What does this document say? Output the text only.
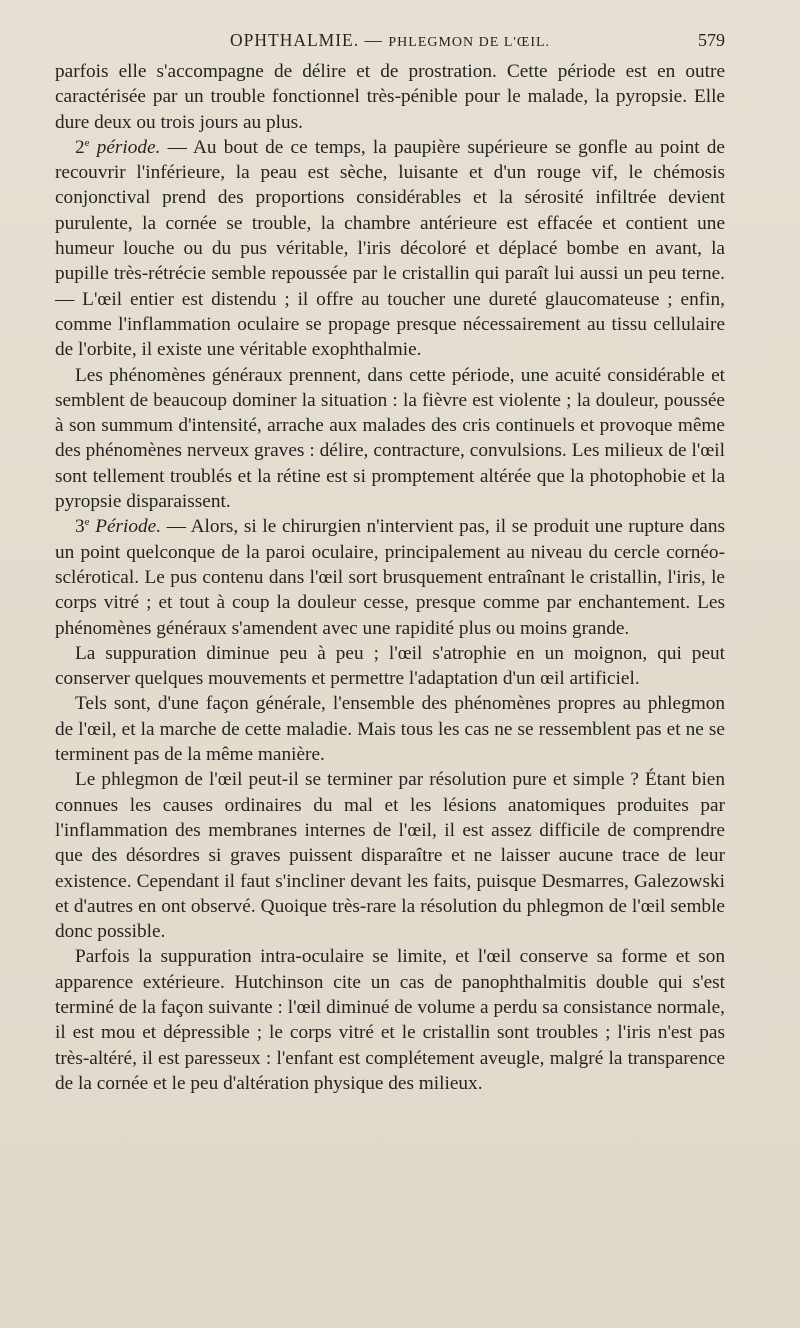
OPHTHALMIE. — PHLEGMON DE L'ŒIL.	579

parfois elle s'accompagne de délire et de prostration. Cette période est en outre caractérisée par un trouble fonctionnel très-pénible pour le malade, la pyropsie. Elle dure deux ou trois jours au plus.

2e période. — Au bout de ce temps, la paupière supérieure se gonfle au point de recouvrir l'inférieure, la peau est sèche, luisante et d'un rouge vif, le chémosis conjonctival prend des proportions considérables et la sérosité infiltrée devient purulente, la cornée se trouble, la chambre antérieure est effacée et contient une humeur louche ou du pus véritable, l'iris décoloré et déplacé bombe en avant, la pupille très-rétrécie semble repoussée par le cristallin qui paraît lui aussi un peu terne. — L'œil entier est distendu ; il offre au toucher une dureté glaucomateuse ; enfin, comme l'inflammation oculaire se propage presque nécessairement au tissu cellulaire de l'orbite, il existe une véritable exophthalmie.

Les phénomènes généraux prennent, dans cette période, une acuité considérable et semblent de beaucoup dominer la situation : la fièvre est violente ; la douleur, poussée à son summum d'intensité, arrache aux malades des cris continuels et provoque même des phénomènes nerveux graves : délire, contracture, convulsions. Les milieux de l'œil sont tellement troublés et la rétine est si promptement altérée que la photophobie et la pyropsie disparaissent.

3e Période. — Alors, si le chirurgien n'intervient pas, il se produit une rupture dans un point quelconque de la paroi oculaire, principalement au niveau du cercle cornéo-sclérotical. Le pus contenu dans l'œil sort brusquement entraînant le cristallin, l'iris, le corps vitré ; et tout à coup la douleur cesse, presque comme par enchantement. Les phénomènes généraux s'amendent avec une rapidité plus ou moins grande.

La suppuration diminue peu à peu ; l'œil s'atrophie en un moignon, qui peut conserver quelques mouvements et permettre l'adaptation d'un œil artificiel.

Tels sont, d'une façon générale, l'ensemble des phénomènes propres au phlegmon de l'œil, et la marche de cette maladie. Mais tous les cas ne se ressemblent pas et ne se terminent pas de la même manière.

Le phlegmon de l'œil peut-il se terminer par résolution pure et simple ? Étant bien connues les causes ordinaires du mal et les lésions anatomiques produites par l'inflammation des membranes internes de l'œil, il est assez difficile de comprendre que des désordres si graves puissent disparaître et ne laisser aucune trace de leur existence. Cependant il faut s'incliner devant les faits, puisque Desmarres, Galezowski et d'autres en ont observé. Quoique très-rare la résolution du phlegmon de l'œil semble donc possible.

Parfois la suppuration intra-oculaire se limite, et l'œil conserve sa forme et son apparence extérieure. Hutchinson cite un cas de panophthalmitis double qui s'est terminé de la façon suivante : l'œil diminué de volume a perdu sa consistance normale, il est mou et dépressible ; le corps vitré et le cristallin sont troubles ; l'iris n'est pas très-altéré, il est paresseux : l'enfant est complétement aveugle, malgré la transparence de la cornée et le peu d'altération physique des milieux.
